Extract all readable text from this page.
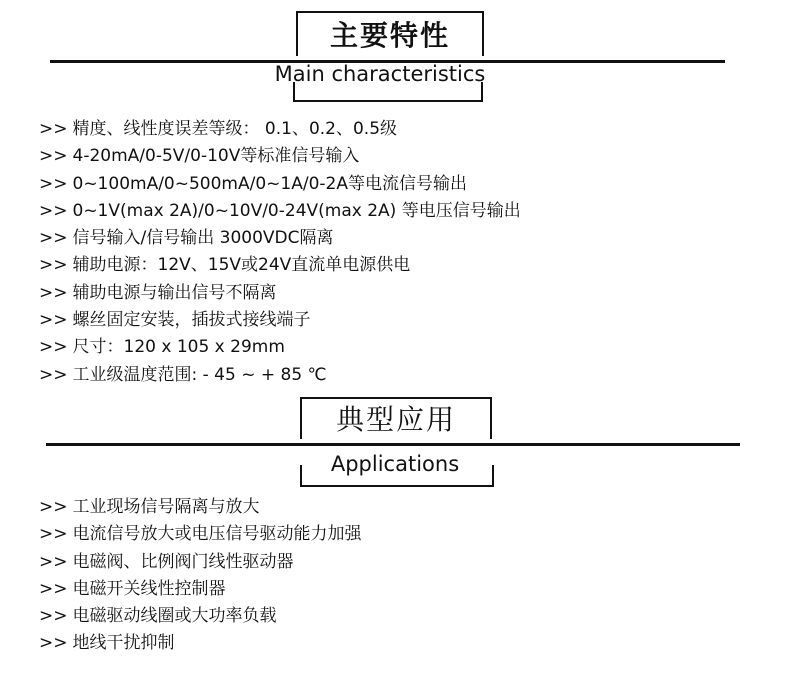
主要特性
Main characteristics
>> 精度、线性度误差等级： 0.1、0.2、0.5级
>> 4-20mA/0-5V/0-10V等标准信号输入
>> 0~100mA/0~500mA/0~1A/0-2A等电流信号输出
>> 0~1V(max 2A)/0~10V/0-24V(max 2A) 等电压信号输出
>> 信号输入/信号输出 3000VDC隔离
>> 辅助电源：12V、15V或24V直流单电源供电
>> 辅助电源与输出信号不隔离
>> 螺丝固定安装，插拔式接线端子
>> 尺寸：120 x 105 x 29mm
>> 工业级温度范围: - 45 ~ + 85 ℃
典型应用
Applications
>> 工业现场信号隔离与放大
>> 电流信号放大或电压信号驱动能力加强
>> 电磁阀、比例阀门线性驱动器
>> 电磁开关线性控制器
>> 电磁驱动线圈或大功率负载
>> 地线干扰抑制
